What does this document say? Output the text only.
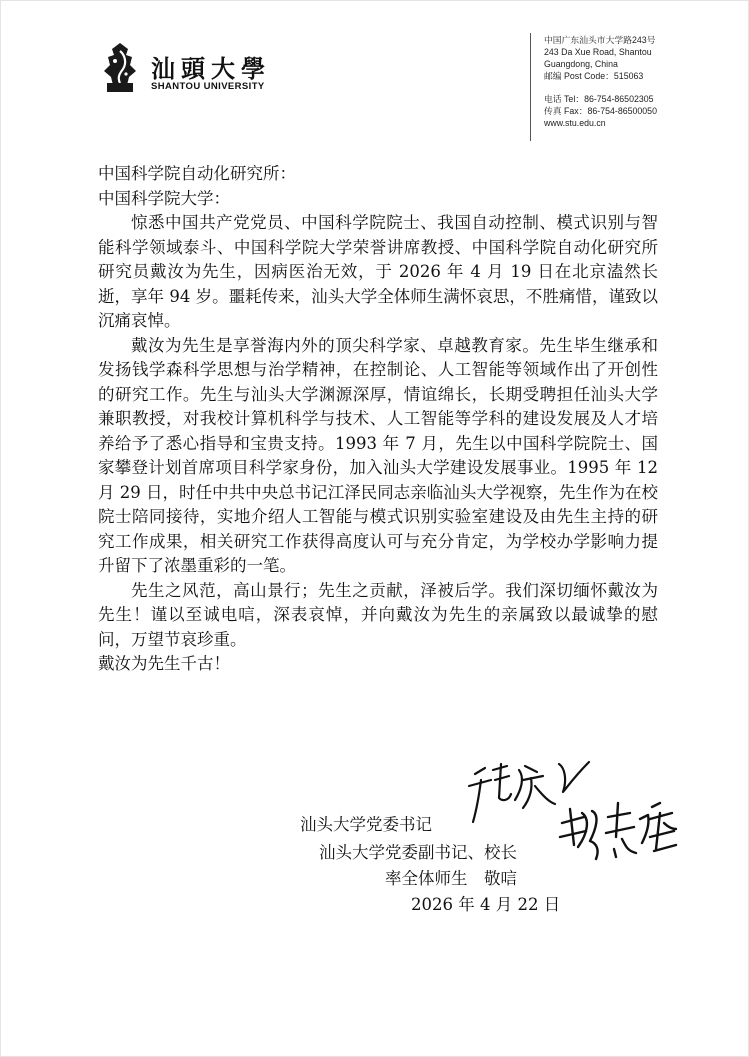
汕頭大學
SHANTOU UNIVERSITY
中国广东汕头市大学路243号
243 Da Xue Road, Shantou
Guangdong, China
邮编 Post Code：515063
电话 Tel：86-754-86502305
传真 Fax：86-754-86500050
www.stu.edu.cn
中国科学院自动化研究所：
中国科学院大学：

惊悉中国共产党党员、中国科学院院士、我国自动控制、模式识别与智能科学领域泰斗、中国科学院大学荣誉讲席教授、中国科学院自动化研究所研究员戴汝为先生，因病医治无效，于 2026 年 4 月 19 日在北京溘然长逝，享年 94 岁。噩耗传来，汕头大学全体师生满怀哀思，不胜痛惜，谨致以沉痛哀悼。

戴汝为先生是享誉海内外的顶尖科学家、卓越教育家。先生毕生继承和发扬钱学森科学思想与治学精神，在控制论、人工智能等领域作出了开创性的研究工作。先生与汕头大学渊源深厚，情谊绵长，长期受聘担任汕头大学兼职教授，对我校计算机科学与技术、人工智能等学科的建设发展及人才培养给予了悉心指导和宝贵支持。1993 年 7 月，先生以中国科学院院士、国家攀登计划首席项目科学家身份，加入汕头大学建设发展事业。1995 年 12 月 29 日，时任中共中央总书记江泽民同志亲临汕头大学视察，先生作为在校院士陪同接待，实地介绍人工智能与模式识别实验室建设及由先生主持的研究工作成果，相关研究工作获得高度认可与充分肯定，为学校办学影响力提升留下了浓墨重彩的一笔。

先生之风范，高山景行；先生之贡献，泽被后学。我们深切缅怀戴汝为先生！谨以至诚电唁，深表哀悼，并向戴汝为先生的亲属致以最诚挚的慰问，万望节哀珍重。

戴汝为先生千古！
汕头大学党委书记
汕头大学党委副书记、校长
率全体师生　敬唁
2026 年 4 月 22 日
